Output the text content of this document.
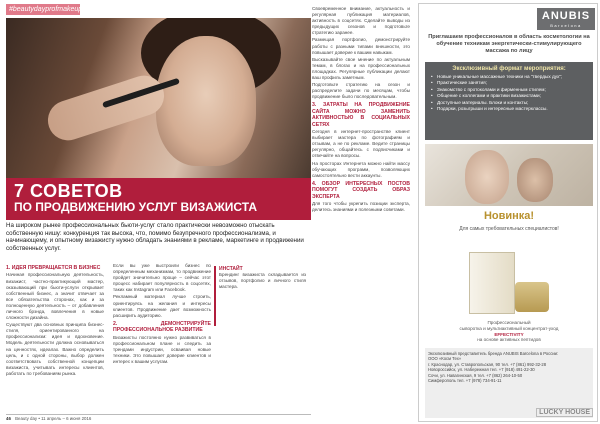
#beautydayprofmakeup
7 СОВЕТОВ
ПО ПРОДВИЖЕНИЮ УСЛУГ ВИЗАЖИСТА
На широком рынке профессиональных бьюти-услуг стало практически невозможно отыскать собственную нишу: конкуренция так высока, что, помимо безупречного профессионализма, и начинающему, и опытному визажисту нужно обладать знаниями в рекламе, маркетинге и продвижении собственных услуг.
1. ИДЕЯ ПРЕВРАЩАЕТСЯ В БИЗНЕС

Начиная профессиональную деятельность, визажист, частно-практикующий мастер, оказывающий при бьюти-услуги открывает собственный бизнес, а значит отвечает за все обязательства сторонах, как и за полноценную деятельность – от добавления личного брэнда, вовлечения в новые сложности дизайна.

Существуют два основных принципа бизнес-стиля, ориентированного на профессионализм: идея и вдохновение. Модель деятельности должна основываться на ценностях, идеалах. Важно определить цель, и с одной стороны, выбор должен соответствовать собственной концепции визажиста, учитывать интересы клиентов, работать по требованиям рынка.

Если вы уже выстроили бизнес по определенным механизмам, то продвижение пройдет значительно проще – сейчас этот процесс набирает популярность в соцсетях, таких как Instagram или Facebook.

Рекламный материал лучше строить, ориентируясь на желания и интересы клиентов. Продвижение дает возможность расширить аудиторию.

2. ДЕМОНСТРИРУЙТЕ ПРОФЕССИОНАЛЬНОЕ РАЗВИТИЕ

Визажисты постоянно нужно развиваться в профессиональном плане и следить за трендами индустрии, осваивая новые техники. Это повышает доверие клиентов и интерес к вашим услугам.

ИНСТАЙТ

Брендинг визажиста складывается из отзывов, портфолио и личного стиля мастера.

Своевременное внимание, актуальность и регулярная публикация материалов, активность в соцсетях. Сделайте выводы из предыдущих сезонов и подготовьте стратегию заранее.

Размещая портфолио, демонстрируйте работы с разными типами внешности, это повышает доверие к вашим навыкам.

Высказывайте свое мнение по актуальным темам, в блогах и на профессиональных площадках. Регулярные публикации делают ваш профиль заметным.

Подготовьте стратегию на сезон и распределите задачи по месяцам, чтобы продвижение было последовательным.

3. ЗАТРАТЫ НА ПРОДВИЖЕНИЕ САЙТА МОЖНО ЗАМЕНИТЬ АКТИВНОСТЬЮ В СОЦИАЛЬНЫХ СЕТЯХ

Сегодня в интернет-пространстве клиент выбирает мастера по фотографиям и отзывам, а не по рекламе. Ведите страницы регулярно, общайтесь с подписчиками и отвечайте на вопросы.

На просторах Интернета можно найти массу обучающих программ, позволяющих самостоятельно вести аккаунты.

4. ОБЗОР ИНТЕРЕСНЫХ ПОСТОВ ПОМОГУТ СОЗДАТЬ ОБРАЗ ЭКСПЕРТА

Для того чтобы укрепить позиции эксперта, делитесь знаниями и полезными советами.

46 Beauty day • 11 апрель – 6 июня 2016
ANUBIS
Barcelona
Приглашаем профессионалов в область косметологии на обучение техникам энергетически-стимулирующего массажа по лицу
Эксклюзивный формат мероприятия:
• Новые уникальные массажные техники на "твердых дух";
• Практические занятия;
• Знакомство с протоколами и фирменным стилем;
• Общение с коллегами и практики визажистами;
• Доступные материалы. Блоки и контакты;
• Подарки, розыгрыши и интересные мастерклассы.
Новинка!
Для самых требовательных специалистов!
Профессиональный
сыворотка и мультиактивный концентрат-уход
EFFECTIVITY
на основе активных пептидов
Эксклюзивный представитель бренда ANUBIS Barcelona в России:
ООО «Косм Тех»
г. Краснодар, ул. Ставропольская, 90 тел. +7 (861) 992-32-28
Новороссийск, ул. Набережная тел. +7 (918) 491-22-30
Сочи, ул. Навагинская, 9 тел. +7 (862) 264-10-50
Симферополь тел. +7 (978) 734-91-11
LUCKY HOUSE
